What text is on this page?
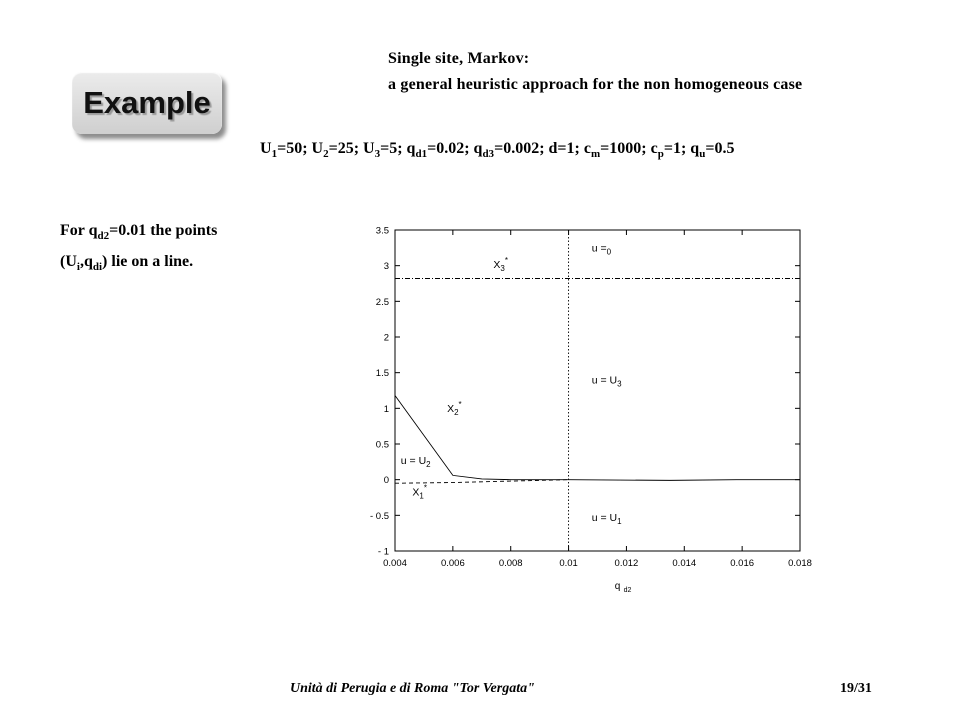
Example
Single site, Markov:
a general heuristic approach for the non homogeneous case
$U_1=50$; $U_2=25$; $U_3=5$; $q_{d1}=0.02$; $q_{d3}=0.002$; d=1; $c_m=1000$; $c_p=1$; $q_u=0.5$
For $q_{d2}=0.01$ the points
$(U_i,q_{di})$ lie on a line.
0.004	0.006	0.008	0.01	0.012	0.014	0.016	0.018
3.5
3
2.5
2
1.5
1
0.5
0
- 0.5
- 1
q d2
$u =_0$
$u = U_3$
$u = U_2$
$u = U_1$
$X_3^*$
$X_2^*$
$X_1^*$
Unità di Perugia e di Roma "Tor Vergata"	19/31
